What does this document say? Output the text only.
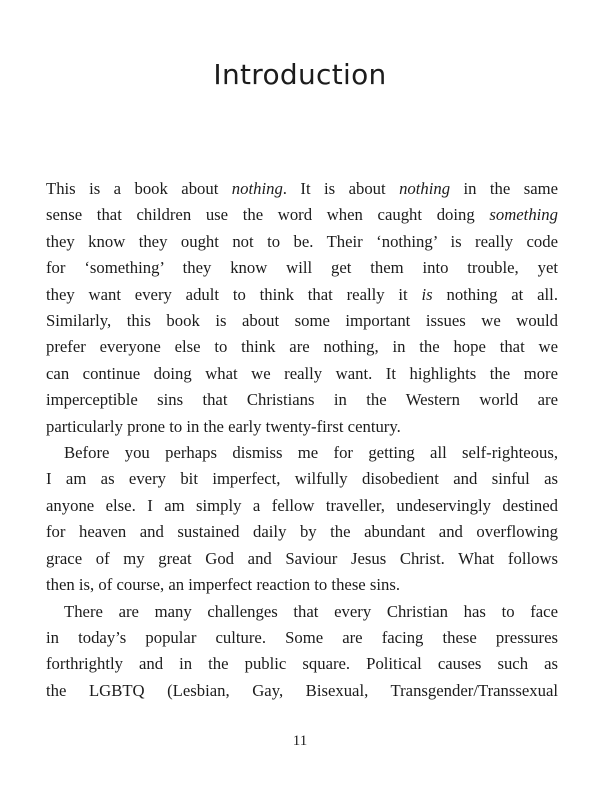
Introduction
This is a book about nothing. It is about nothing in the same
sense that children use the word when caught doing something
they know they ought not to be. Their ‘nothing’ is really code
for ‘something’ they know will get them into trouble, yet
they want every adult to think that really it is nothing at all.
Similarly, this book is about some important issues we would
prefer everyone else to think are nothing, in the hope that we
can continue doing what we really want. It highlights the more
imperceptible sins that Christians in the Western world are
particularly prone to in the early twenty-first century.
Before you perhaps dismiss me for getting all self-righteous,
I am as every bit imperfect, wilfully disobedient and sinful as
anyone else. I am simply a fellow traveller, undeservingly destined
for heaven and sustained daily by the abundant and overflowing
grace of my great God and Saviour Jesus Christ. What follows
then is, of course, an imperfect reaction to these sins.
There are many challenges that every Christian has to face
in today’s popular culture. Some are facing these pressures
forthrightly and in the public square. Political causes such as
the LGBTQ (Lesbian, Gay, Bisexual, Transgender/Transsexual
11
